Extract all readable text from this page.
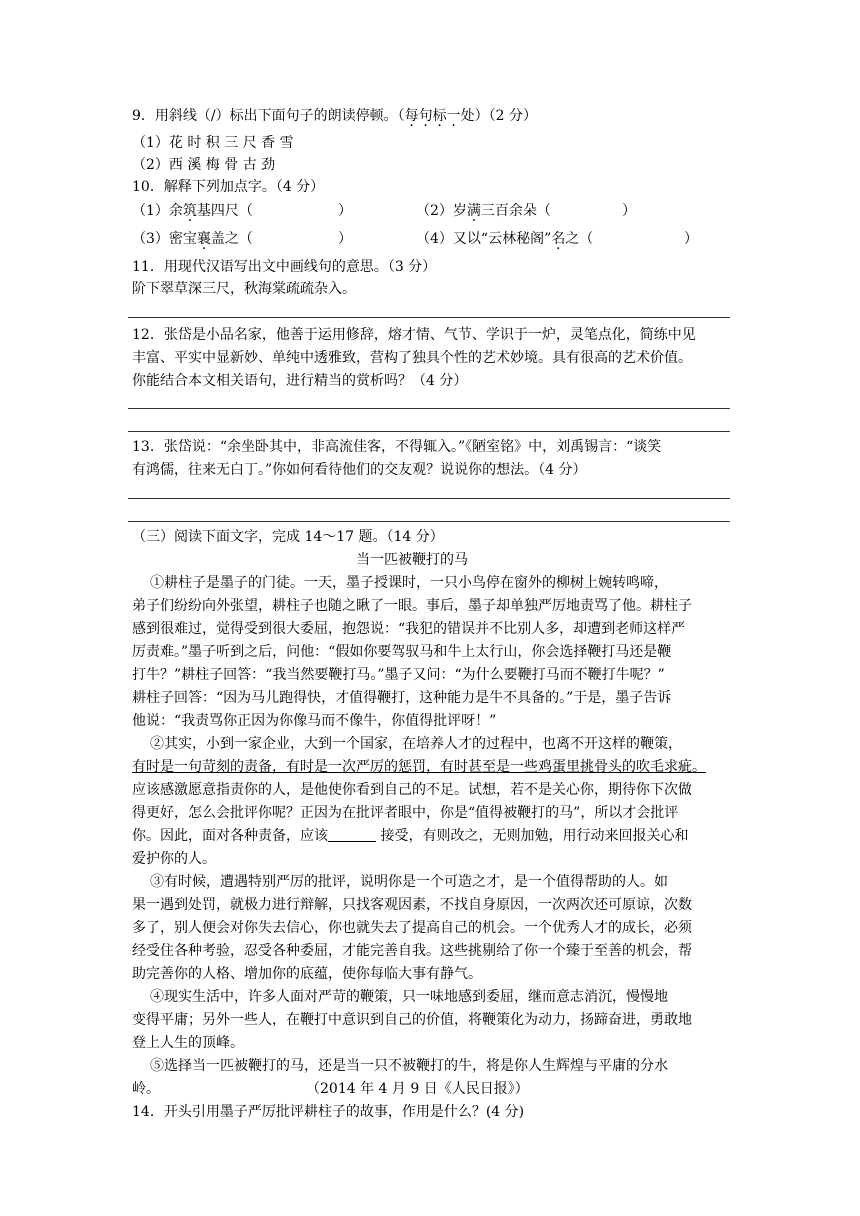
9．用斜线（/）标出下面句子的朗读停顿。（每句标一处）（2 分）
（1）花 时 积 三 尺 香 雪
（2）西 溪 梅 骨 古 劲
10．解释下列加点字。（4 分）
（1）余筑基四尺（	）	（2）岁满三百余朵（	）
（3）密宝襄盖之（	）	（4）又以“云林秘阁”名之（	）
11．用现代汉语写出文中画线句的意思。（3 分）
阶下翠草深三尺，秋海棠疏疏杂入。
12．张岱是小品名家，他善于运用修辞，熔才情、气节、学识于一炉，灵笔点化，简练中见
丰富、平实中显新妙、单纯中透雅致，营构了独具个性的艺术妙境。具有很高的艺术价值。
你能结合本文相关语句，进行精当的赏析吗？（4 分）
13．张岱说：“余坐卧其中，非高流佳客，不得辄入。”《陋室铭》中，刘禹锡言：“谈笑
有鸿儒，往来无白丁。”你如何看待他们的交友观？说说你的想法。（4 分）
（三）阅读下面文字，完成 14～17 题。（14 分）
当一匹被鞭打的马
①耕柱子是墨子的门徒。一天，墨子授课时，一只小鸟停在窗外的柳树上婉转鸣啼，
弟子们纷纷向外张望，耕柱子也随之瞅了一眼。事后，墨子却单独严厉地责骂了他。耕柱子
感到很难过，觉得受到很大委屈，抱怨说：“我犯的错误并不比别人多，却遭到老师这样严
厉责难。”墨子听到之后，问他：“假如你要驾驭马和牛上太行山，你会选择鞭打马还是鞭
打牛？”耕柱子回答：“我当然要鞭打马。”墨子又问：“为什么要鞭打马而不鞭打牛呢？”
耕柱子回答：“因为马儿跑得快，才值得鞭打，这种能力是牛不具备的。”于是，墨子告诉
他说：“我责骂你正因为你像马而不像牛，你值得批评呀！”
②其实，小到一家企业，大到一个国家，在培养人才的过程中，也离不开这样的鞭策，
有时是一句苛刻的责备，有时是一次严厉的惩罚，有时甚至是一些鸡蛋里挑骨头的吹毛求疵。
应该感激愿意指责你的人，是他使你看到自己的不足。试想，若不是关心你，期待你下次做
得更好，怎么会批评你呢？正因为在批评者眼中，你是“值得被鞭打的马”，所以才会批评
你。因此，面对各种责备，应该	接受，有则改之，无则加勉，用行动来回报关心和
爱护你的人。
③有时候，遭遇特别严厉的批评，说明你是一个可造之才，是一个值得帮助的人。如
果一遇到处罚，就极力进行辩解，只找客观因素，不找自身原因，一次两次还可原谅，次数
多了，别人便会对你失去信心，你也就失去了提高自己的机会。一个优秀人才的成长，必须
经受住各种考验，忍受各种委屈，才能完善自我。这些挑剔给了你一个臻于至善的机会，帮
助完善你的人格、增加你的底蕴，使你每临大事有静气。
④现实生活中，许多人面对严苛的鞭策，只一味地感到委屈，继而意志消沉，慢慢地
变得平庸；另外一些人，在鞭打中意识到自己的价值，将鞭策化为动力，扬蹄奋进，勇敢地
登上人生的顶峰。
⑤选择当一匹被鞭打的马，还是当一只不被鞭打的牛，将是你人生辉煌与平庸的分水
岭。	（2014 年 4 月 9 日《人民日报》）
14．开头引用墨子严厉批评耕柱子的故事，作用是什么？(4 分)
